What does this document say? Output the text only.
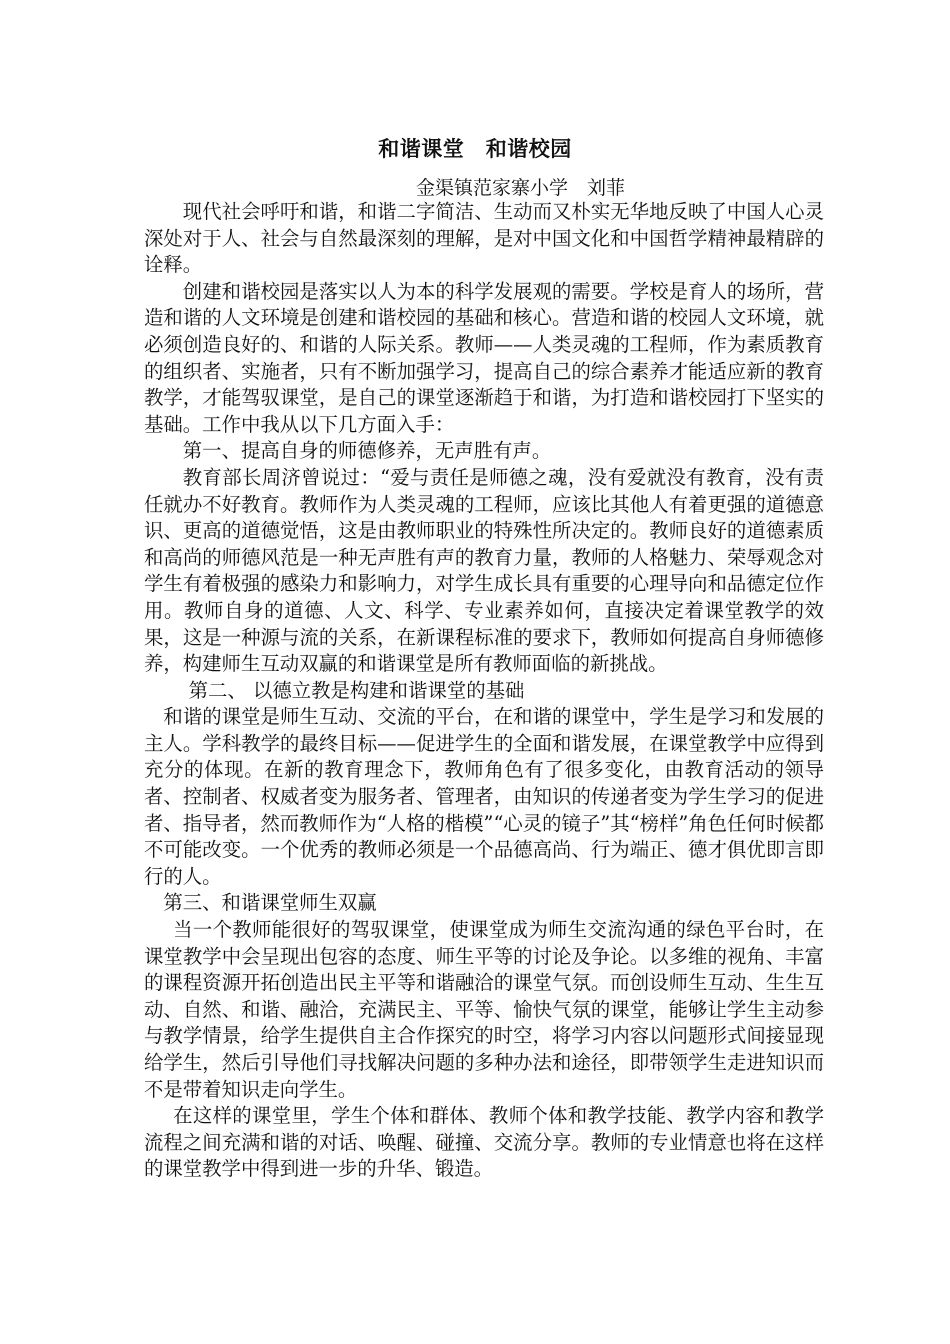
和谐课堂　和谐校园
金渠镇范家寨小学　刘菲

现代社会呼吁和谐，和谐二字简洁、生动而又朴实无华地反映了中国人心灵深处对于人、社会与自然最深刻的理解，是对中国文化和中国哲学精神最精辟的诠释。

创建和谐校园是落实以人为本的科学发展观的需要。学校是育人的场所，营造和谐的人文环境是创建和谐校园的基础和核心。营造和谐的校园人文环境，就必须创造良好的、和谐的人际关系。教师——人类灵魂的工程师，作为素质教育的组织者、实施者，只有不断加强学习，提高自己的综合素养才能适应新的教育教学，才能驾驭课堂，是自己的课堂逐渐趋于和谐，为打造和谐校园打下坚实的基础。工作中我从以下几方面入手：

第一、提高自身的师德修养，无声胜有声。

教育部长周济曾说过：“爱与责任是师德之魂，没有爱就没有教育，没有责任就办不好教育。教师作为人类灵魂的工程师，应该比其他人有着更强的道德意识、更高的道德觉悟，这是由教师职业的特殊性所决定的。教师良好的道德素质和高尚的师德风范是一种无声胜有声的教育力量，教师的人格魅力、荣辱观念对学生有着极强的感染力和影响力，对学生成长具有重要的心理导向和品德定位作用。教师自身的道德、人文、科学、专业素养如何，直接决定着课堂教学的效果，这是一种源与流的关系，在新课程标准的要求下，教师如何提高自身师德修养，构建师生互动双赢的和谐课堂是所有教师面临的新挑战。

第二、 以德立教是构建和谐课堂的基础

和谐的课堂是师生互动、交流的平台，在和谐的课堂中，学生是学习和发展的主人。学科教学的最终目标——促进学生的全面和谐发展，在课堂教学中应得到充分的体现。在新的教育理念下，教师角色有了很多变化，由教育活动的领导者、控制者、权威者变为服务者、管理者，由知识的传递者变为学生学习的促进者、指导者，然而教师作为“人格的楷模”“心灵的镜子”其“榜样”角色任何时候都不可能改变。一个优秀的教师必须是一个品德高尚、行为端正、德才俱优即言即行的人。

第三、和谐课堂师生双赢

当一个教师能很好的驾驭课堂，使课堂成为师生交流沟通的绿色平台时，在课堂教学中会呈现出包容的态度、师生平等的讨论及争论。以多维的视角、丰富的课程资源开拓创造出民主平等和谐融洽的课堂气氛。而创设师生互动、生生互动、自然、和谐、融洽，充满民主、平等、愉快气氛的课堂，能够让学生主动参与教学情景，给学生提供自主合作探究的时空，将学习内容以问题形式间接显现给学生，然后引导他们寻找解决问题的多种办法和途径，即带领学生走进知识而不是带着知识走向学生。

在这样的课堂里，学生个体和群体、教师个体和教学技能、教学内容和教学流程之间充满和谐的对话、唤醒、碰撞、交流分享。教师的专业情意也将在这样的课堂教学中得到进一步的升华、锻造。
